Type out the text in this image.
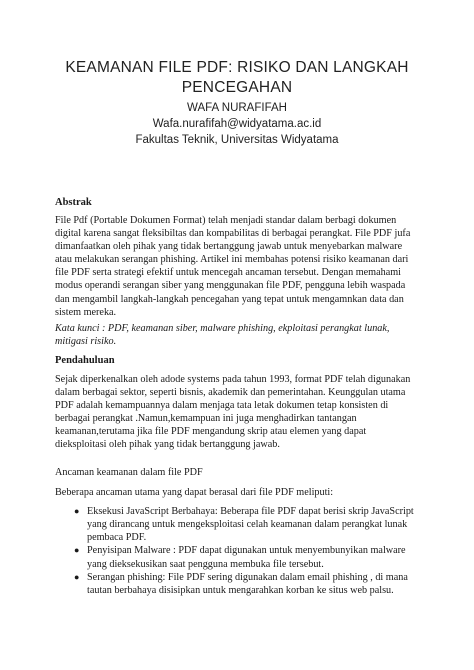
KEAMANAN FILE PDF: RISIKO DAN LANGKAH
PENCEGAHAN
WAFA NURAFIFAH
Wafa.nurafifah@widyatama.ac.id
Fakultas Teknik, Universitas Widyatama
Abstrak

File Pdf (Portable Dokumen Format) telah menjadi standar dalam berbagi dokumen digital karena sangat fleksibiltas dan kompabilitas di berbagai perangkat. File PDF jufa dimanfaatkan oleh pihak yang tidak bertanggung jawab untuk menyebarkan malware atau melakukan serangan phishing. Artikel ini membahas potensi risiko keamanan dari file PDF serta strategi efektif untuk mencegah ancaman tersebut. Dengan memahami modus operandi serangan siber yang menggunakan file PDF, pengguna lebih waspada dan mengambil langkah-langkah pencegahan yang tepat untuk mengamnkan data dan sistem mereka.

Kata kunci : PDF, keamanan siber, malware phishing, ekploitasi perangkat lunak, mitigasi risiko.

Pendahuluan

Sejak diperkenalkan oleh adode systems pada tahun 1993, format PDF telah digunakan dalam berbagai sektor, seperti bisnis, akademik dan pemerintahan. Keunggulan utama PDF adalah kemampuannya dalam menjaga tata letak dokumen tetap konsisten di berbagai perangkat .Namun,kemampuan ini juga menghadirkan tantangan keamanan,terutama jika file PDF mengandung skrip atau elemen yang dapat dieksploitasi oleh pihak yang tidak bertanggung jawab.

Ancaman keamanan dalam file PDF

Beberapa ancaman utama yang dapat berasal dari file PDF meliputi:

● Eksekusi JavaScript Berbahaya: Beberapa file PDF dapat berisi skrip JavaScript yang dirancang untuk mengeksploitasi celah keamanan dalam perangkat lunak pembaca PDF.
● Penyisipan Malware : PDF dapat digunakan untuk menyembunyikan malware yang dieksekusikan saat pengguna membuka file tersebut.
● Serangan phishing: File PDF sering digunakan dalam email phishing , di mana tautan berbahaya disisipkan untuk mengarahkan korban ke situs web palsu.
